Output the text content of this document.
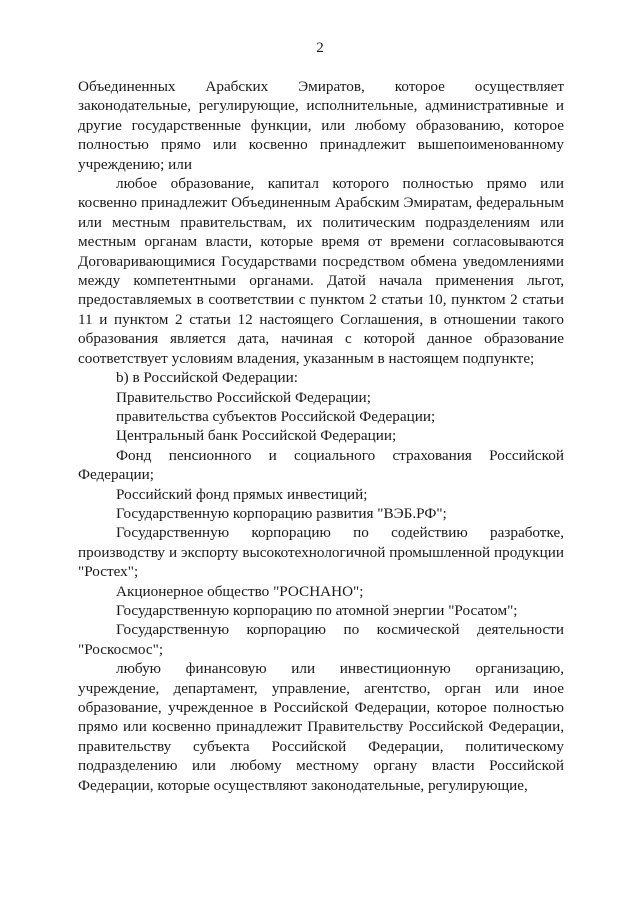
2

Объединенных Арабских Эмиратов, которое осуществляет законодательные, регулирующие, исполнительные, административные и другие государственные функции, или любому образованию, которое полностью прямо или косвенно принадлежит вышепоименованному учреждению; или

любое образование, капитал которого полностью прямо или косвенно принадлежит Объединенным Арабским Эмиратам, федеральным или местным правительствам, их политическим подразделениям или местным органам власти, которые время от времени согласовываются Договаривающимися Государствами посредством обмена уведомлениями между компетентными органами. Датой начала применения льгот, предоставляемых в соответствии с пунктом 2 статьи 10, пунктом 2 статьи 11 и пунктом 2 статьи 12 настоящего Соглашения, в отношении такого образования является дата, начиная с которой данное образование соответствует условиям владения, указанным в настоящем подпункте;

b) в Российской Федерации:

Правительство Российской Федерации;

правительства субъектов Российской Федерации;

Центральный банк Российской Федерации;

Фонд пенсионного и социального страхования Российской Федерации;

Российский фонд прямых инвестиций;

Государственную корпорацию развития "ВЭБ.РФ";

Государственную корпорацию по содействию разработке, производству и экспорту высокотехнологичной промышленной продукции "Ростех";

Акционерное общество "РОСНАНО";

Государственную корпорацию по атомной энергии "Росатом";

Государственную корпорацию по космической деятельности "Роскосмос";

любую финансовую или инвестиционную организацию, учреждение, департамент, управление, агентство, орган или иное образование, учрежденное в Российской Федерации, которое полностью прямо или косвенно принадлежит Правительству Российской Федерации, правительству субъекта Российской Федерации, политическому подразделению или любому местному органу власти Российской Федерации, которые осуществляют законодательные, регулирующие,
